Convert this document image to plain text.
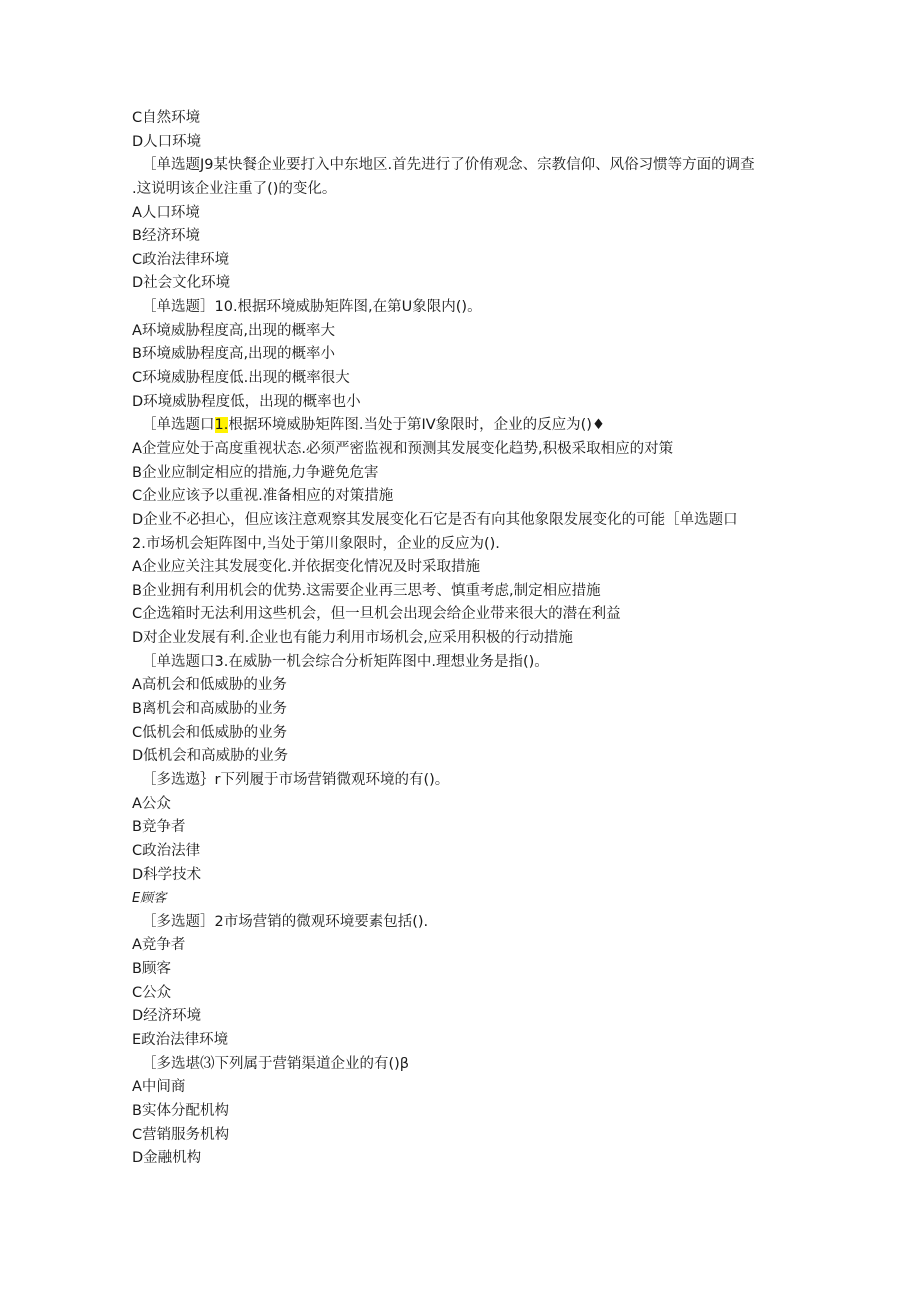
C自然环境
D人口环境
［单选题J9某快餐企业要打入中东地区.首先进行了价侑观念、宗教信仰、风俗习惯等方面的调查
.这说明该企业注重了()的变化。
A人口环境
B经济环境
C政治法律环境
D社会文化环境
［单选题］10.根据环境威胁矩阵图,在第U象限内()。
A环境威胁程度高,出现的概率大
B环境威胁程度高,出现的概率小
C环境威胁程度低.出现的概率很大
D环境威胁程度低，出现的概率也小
［单选题口1.根据环境威胁矩阵图.当处于第IV象限时，企业的反应为()♦
A企萱应处于高度重视状态.必须严密监视和预测其发展变化趋势,积极采取相应的对策
B企业应制定相应的措施,力争避免危害
C企业应该予以重视.准备相应的对策措施
D企业不必担心，但应该注意观察其发展变化石它是否有向其他象限发展变化的可能［单选题口
2.市场机会矩阵图中,当处于第川象限时，企业的反应为().
A企业应关注其发展变化.并依据变化情况及时采取措施
B企业拥有利用机会的优势.这需要企业再三思考、慎重考虑,制定相应措施
C企选箱时无法利用这些机会，但一旦机会出现会给企业带来很大的潜在利益
D对企业发展有利.企业也有能力利用市场机会,应采用积极的行动措施
［单选题口3.在威胁一机会综合分析矩阵图中.理想业务是指()。
A高机会和低威胁的业务
B离机会和高威胁的业务
C低机会和低威胁的业务
D低机会和高威胁的业务
［多选遨｝r下列履于市场营销微观环境的有()。
A公众
B竞争者
C政治法律
D科学技术
E顾客
［多选题］2市场营销的微观环境要素包括().
A竞争者
B顾客
C公众
D经济环境
E政治法律环境
［多选堪⑶下列属于营销渠道企业的有()β
A中间商
B实体分配机构
C营销服务机构
D金融机构
